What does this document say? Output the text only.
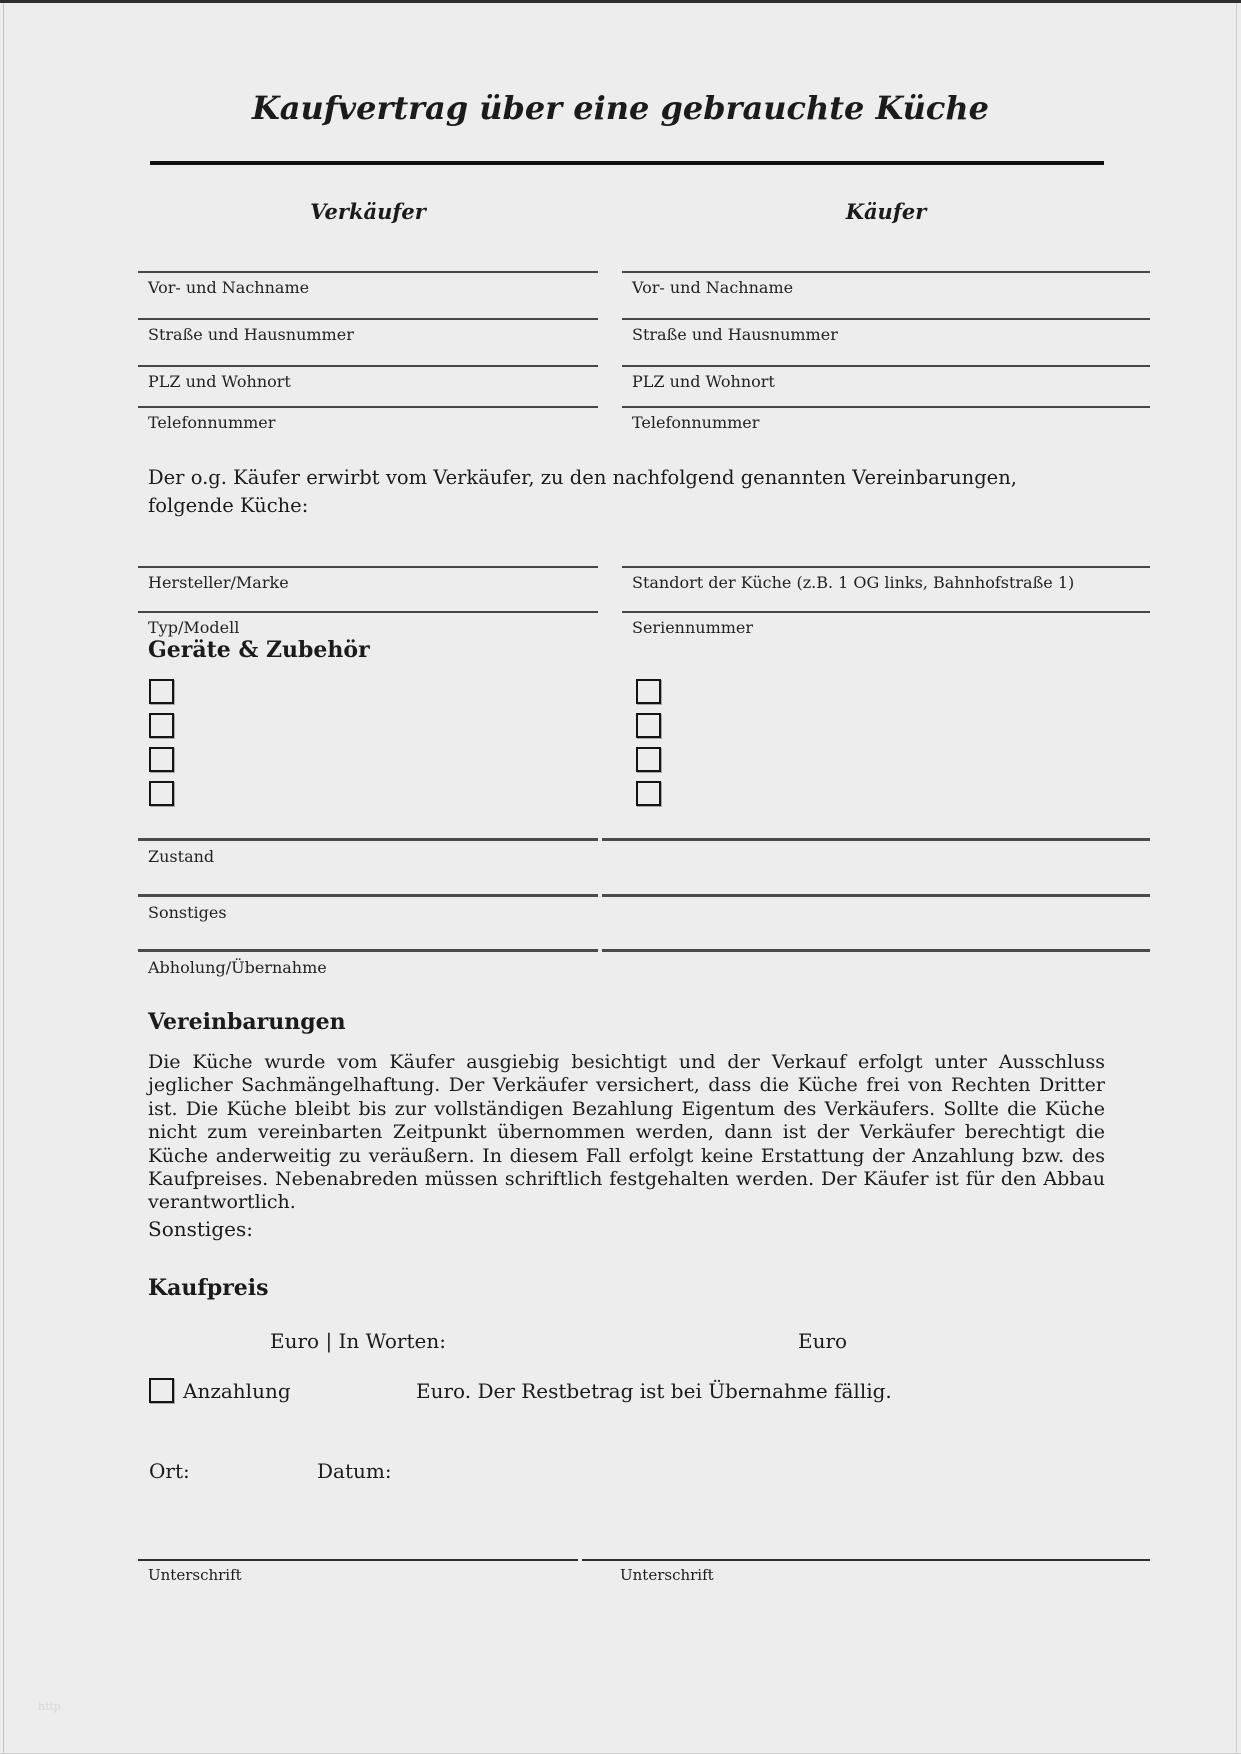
Kaufvertrag über eine gebrauchte Küche
Verkäufer	Käufer
Vor- und Nachname	Vor- und Nachname
Straße und Hausnummer	Straße und Hausnummer
PLZ und Wohnort	PLZ und Wohnort
Telefonnummer	Telefonnummer
Der o.g. Käufer erwirbt vom Verkäufer, zu den nachfolgend genannten Vereinbarungen, folgende Küche:
Hersteller/Marke	Standort der Küche (z.B. 1 OG links, Bahnhofstraße 1)
Typ/Modell	Seriennummer
Geräte & Zubehör
Zustand
Sonstiges
Abholung/Übernahme
Vereinbarungen
Die Küche wurde vom Käufer ausgiebig besichtigt und der Verkauf erfolgt unter Ausschluss jeglicher Sachmängelhaftung. Der Verkäufer versichert, dass die Küche frei von Rechten Dritter ist. Die Küche bleibt bis zur vollständigen Bezahlung Eigentum des Verkäufers. Sollte die Küche nicht zum vereinbarten Zeitpunkt übernommen werden, dann ist der Verkäufer berechtigt die Küche anderweitig zu veräußern. In diesem Fall erfolgt keine Erstattung der Anzahlung bzw. des Kaufpreises. Nebenabreden müssen schriftlich festgehalten werden. Der Käufer ist für den Abbau verantwortlich.
Sonstiges:
Kaufpreis
Euro | In Worten:	Euro
Anzahlung	Euro. Der Restbetrag ist bei Übernahme fällig.
Ort:	Datum:
Unterschrift	Unterschrift
http
